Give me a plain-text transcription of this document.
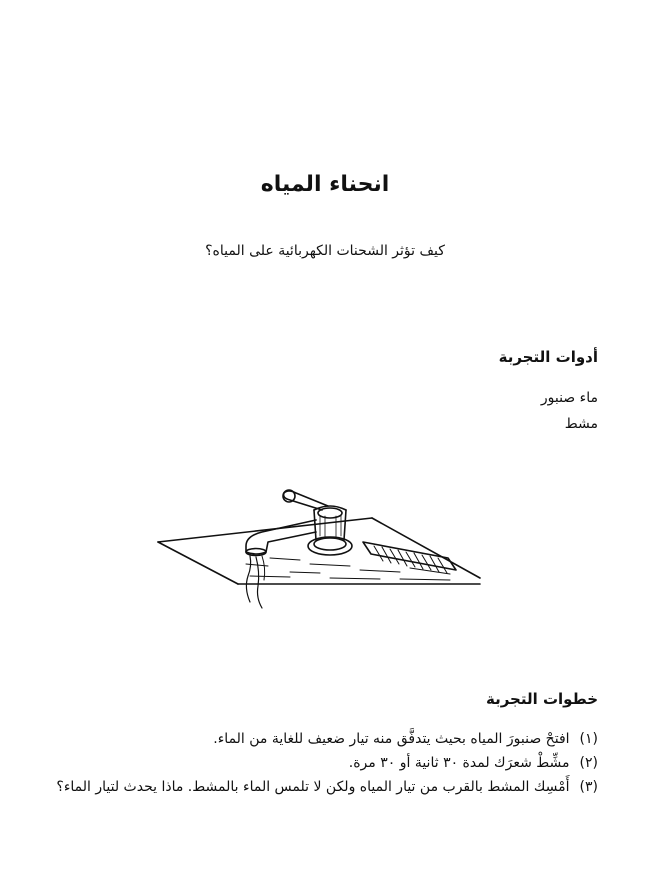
انحناء المياه

كيف تؤثر الشحنات الكهربائية على المياه؟

أدوات التجربة
ماء صنبور
مشط
خطوات التجربة
(١)
افتحْ صنبورَ المياه بحيث يتدفَّق منه تيار ضعيف للغاية من الماء.
(٢)
مشِّطْ شعرَك لمدة ٣٠ ثانية أو ٣٠ مرة.
(٣)
أَمْسِك المشط بالقرب من تيار المياه ولكن لا تلمس الماء بالمشط. ماذا يحدث لتيار الماء؟
